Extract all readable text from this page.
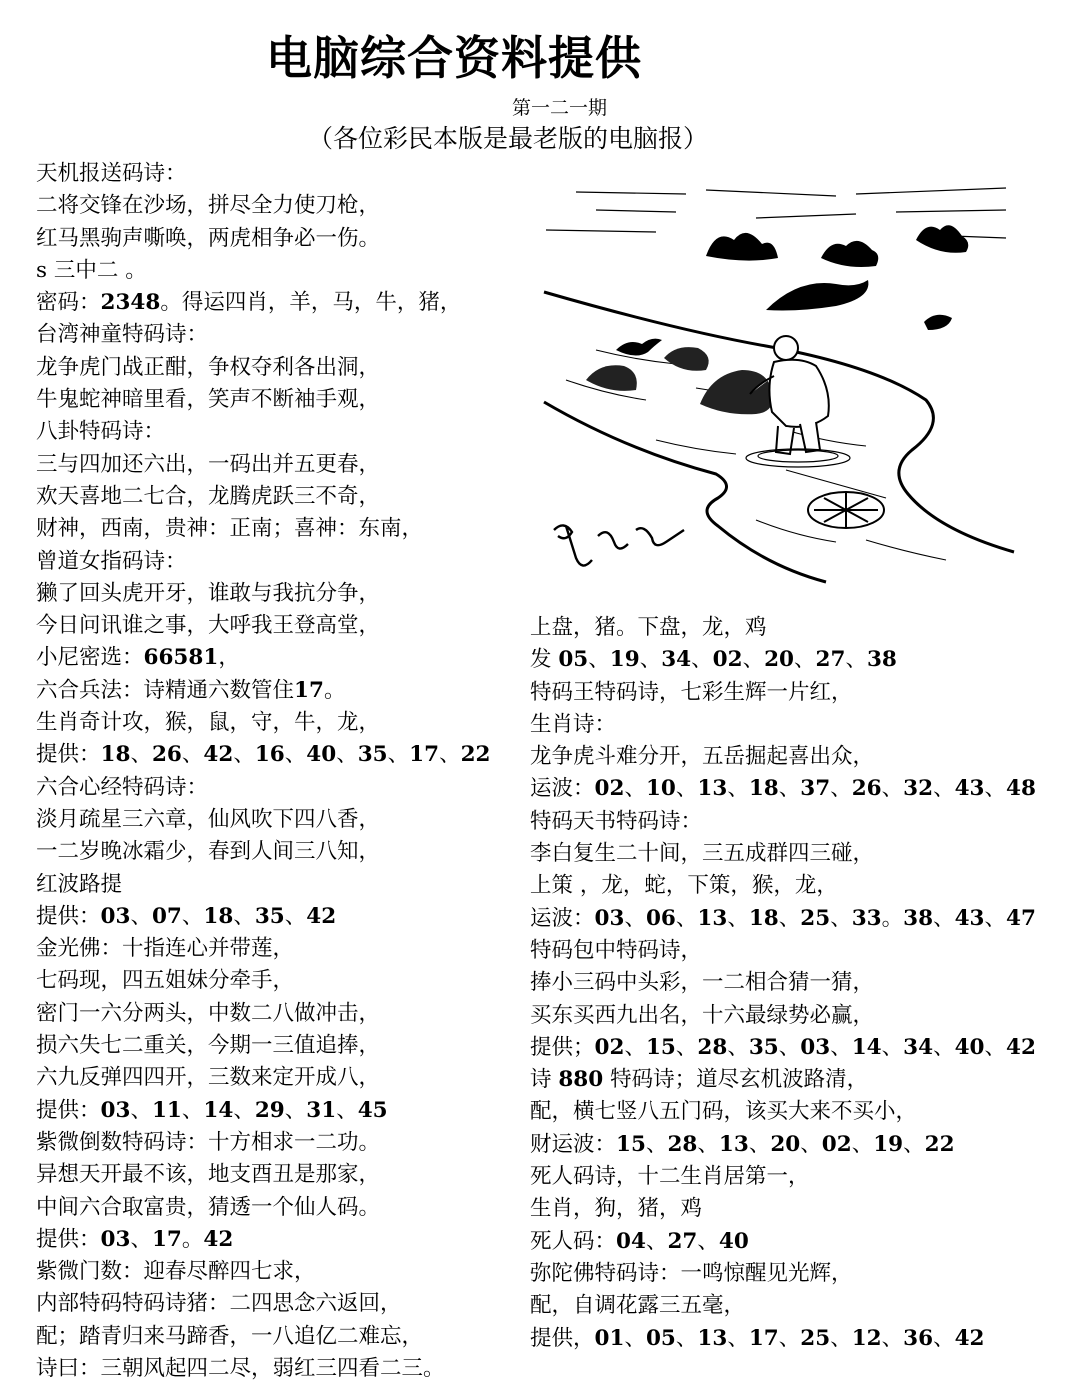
电脑综合资料提供
第一二一期
（各位彩民本版是最老版的电脑报）
天机报送码诗：
二将交锋在沙场，拼尽全力使刀枪，
红马黑驹声嘶唤，两虎相争必一伤。
s 三中二 。
密码：2348。得运四肖，羊，马，牛，猪，
台湾神童特码诗：
龙争虎门战正酣，争权夺利各出洞，
牛鬼蛇神暗里看，笑声不断袖手观，
八卦特码诗：
三与四加还六出，一码出并五更春，
欢天喜地二七合，龙腾虎跃三不奇，
财神，西南，贵神：正南；喜神：东南，
曾道女指码诗：
獭了回头虎开牙，谁敢与我抗分争，
今日问讯谁之事，大呼我王登高堂，
小尼密选：66581，
六合兵法：诗精通六数管住17。
生肖奇计攻，猴，鼠，守，牛，龙，
提供：18、26、42、16、40、35、17、22
六合心经特码诗：
淡月疏星三六章，仙风吹下四八香，
一二岁晚冰霜少，春到人间三八知，
红波路提
提供：03、07、18、35、42
金光佛：十指连心并带莲，
七码现，四五姐妹分牵手，
密门一六分两头，中数二八做冲击，
损六失七二重关，今期一三值追捧，
六九反弹四四开，三数来定开成八，
提供：03、11、14、29、31、45
紫微倒数特码诗：十方相求一二功。
异想天开最不该，地支酉丑是那家，
中间六合取富贵，猜透一个仙人码。
提供：03、17。42
紫微门数：迎春尽醉四七求，
内部特码特码诗猪：二四思念六返回，
配；踏青归来马蹄香，一八追亿二难忘，
诗曰：三朝风起四二尽，弱红三四看二三。
上盘，猪。下盘，龙，鸡
发 05、19、34、02、20、27、38
特码王特码诗，七彩生辉一片红，
生肖诗：
龙争虎斗难分开，五岳掘起喜出众，
运波：02、10、13、18、37、26、32、43、48
特码天书特码诗：
李白复生二十间，三五成群四三碰，
上策 ，龙，蛇，下策，猴，龙，
运波：03、06、13、18、25、33。38、43、47
特码包中特码诗，
捧小三码中头彩，一二相合猜一猜，
买东买西九出名，十六最绿势必赢，
提供；02、15、28、35、03、14、34、40、42
诗 880 特码诗；道尽玄机波路清，
配，横七竖八五门码，该买大来不买小，
财运波：15、28、13、20、02、19、22
死人码诗，十二生肖居第一，
生肖，狗，猪，鸡
死人码：04、27、40
弥陀佛特码诗：一鸣惊醒见光辉，
配，自调花露三五毫，
提供，01、05、13、17、25、12、36、42
